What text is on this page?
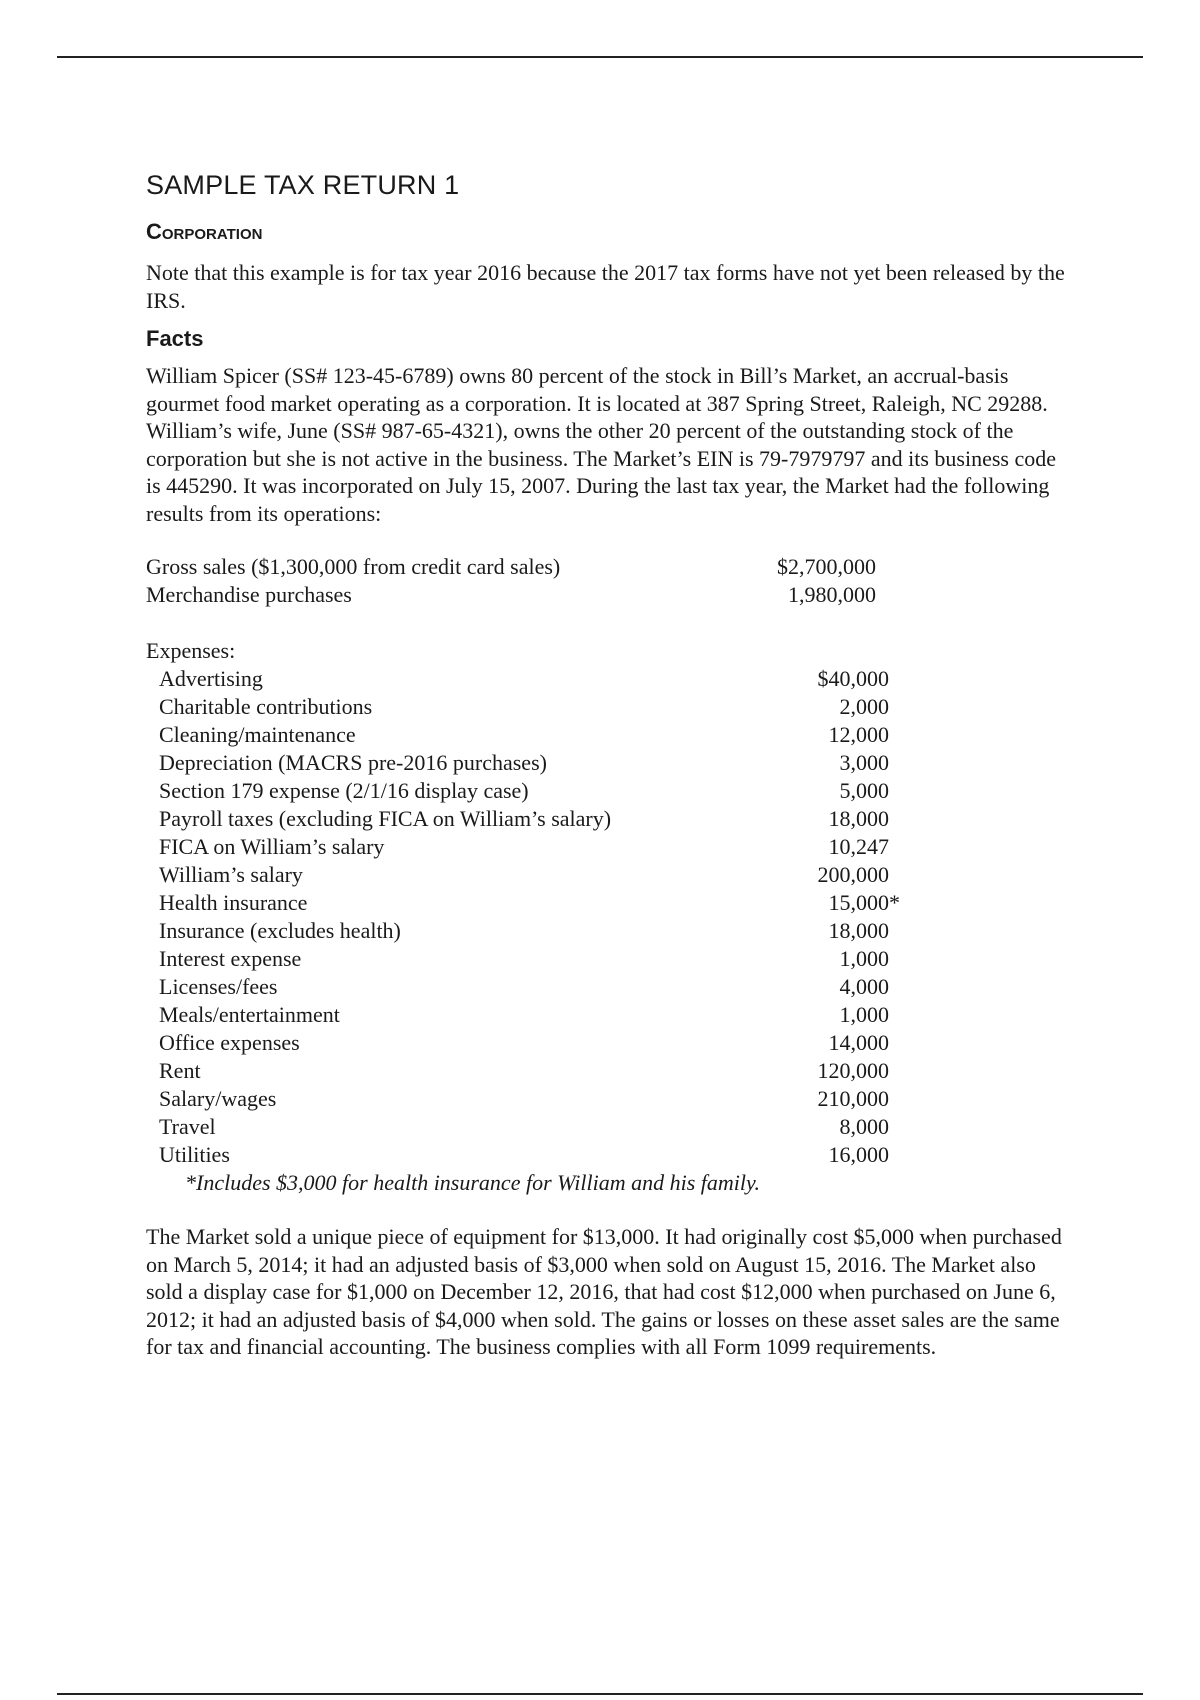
SAMPLE TAX RETURN 1
Corporation

Note that this example is for tax year 2016 because the 2017 tax forms have not yet been released by the IRS.

Facts

William Spicer (SS# 123-45-6789) owns 80 percent of the stock in Bill’s Market, an accrual-basis gourmet food market operating as a corporation. It is located at 387 Spring Street, Raleigh, NC 29288. William’s wife, June (SS# 987-65-4321), owns the other 20 percent of the outstanding stock of the corporation but she is not active in the business. The Market’s EIN is 79-7979797 and its business code is 445290. It was incorporated on July 15, 2007. During the last tax year, the Market had the following results from its operations:

Gross sales ($1,300,000 from credit card sales)	$2,700,000
Merchandise purchases	1,980,000
Expenses:	
Advertising	$40,000
Charitable contributions	2,000
Cleaning/maintenance	12,000
Depreciation (MACRS pre-2016 purchases)	3,000
Section 179 expense (2/1/16 display case)	5,000
Payroll taxes (excluding FICA on William’s salary)	18,000
FICA on William’s salary	10,247
William’s salary	200,000
Health insurance	15,000*
Insurance (excludes health)	18,000
Interest expense	1,000
Licenses/fees	4,000
Meals/entertainment	1,000
Office expenses	14,000
Rent	120,000
Salary/wages	210,000
Travel	8,000
Utilities	16,000
*Includes $3,000 for health insurance for William and his family.

The Market sold a unique piece of equipment for $13,000. It had originally cost $5,000 when purchased on March 5, 2014; it had an adjusted basis of $3,000 when sold on August 15, 2016. The Market also sold a display case for $1,000 on December 12, 2016, that had cost $12,000 when purchased on June 6, 2012; it had an adjusted basis of $4,000 when sold. The gains or losses on these asset sales are the same for tax and financial accounting. The business complies with all Form 1099 requirements.
